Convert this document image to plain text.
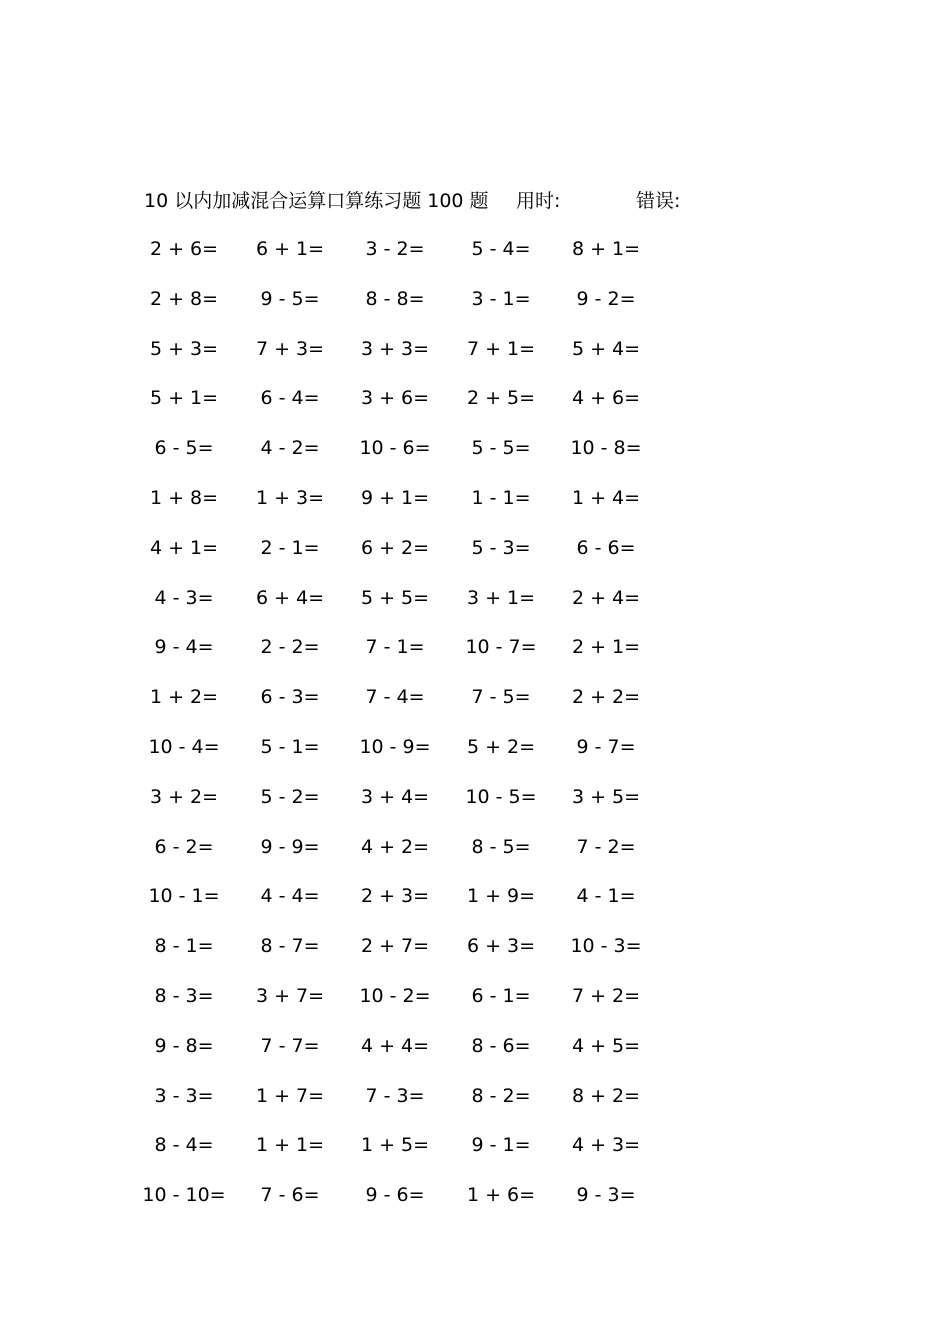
10 以内加减混合运算口算练习题 100 题 用时:	错误:
2 + 6=	6 + 1=	3 - 2=	5 - 4=	8 + 1=
2 + 8=	9 - 5=	8 - 8=	3 - 1=	9 - 2=
5 + 3=	7 + 3=	3 + 3=	7 + 1=	5 + 4=
5 + 1=	6 - 4=	3 + 6=	2 + 5=	4 + 6=
6 - 5=	4 - 2=	10 - 6=	5 - 5=	10 - 8=
1 + 8=	1 + 3=	9 + 1=	1 - 1=	1 + 4=
4 + 1=	2 - 1=	6 + 2=	5 - 3=	6 - 6=
4 - 3=	6 + 4=	5 + 5=	3 + 1=	2 + 4=
9 - 4=	2 - 2=	7 - 1=	10 - 7=	2 + 1=
1 + 2=	6 - 3=	7 - 4=	7 - 5=	2 + 2=
10 - 4=	5 - 1=	10 - 9=	5 + 2=	9 - 7=
3 + 2=	5 - 2=	3 + 4=	10 - 5=	3 + 5=
6 - 2=	9 - 9=	4 + 2=	8 - 5=	7 - 2=
10 - 1=	4 - 4=	2 + 3=	1 + 9=	4 - 1=
8 - 1=	8 - 7=	2 + 7=	6 + 3=	10 - 3=
8 - 3=	3 + 7=	10 - 2=	6 - 1=	7 + 2=
9 - 8=	7 - 7=	4 + 4=	8 - 6=	4 + 5=
3 - 3=	1 + 7=	7 - 3=	8 - 2=	8 + 2=
8 - 4=	1 + 1=	1 + 5=	9 - 1=	4 + 3=
10 - 10=	7 - 6=	9 - 6=	1 + 6=	9 - 3=
